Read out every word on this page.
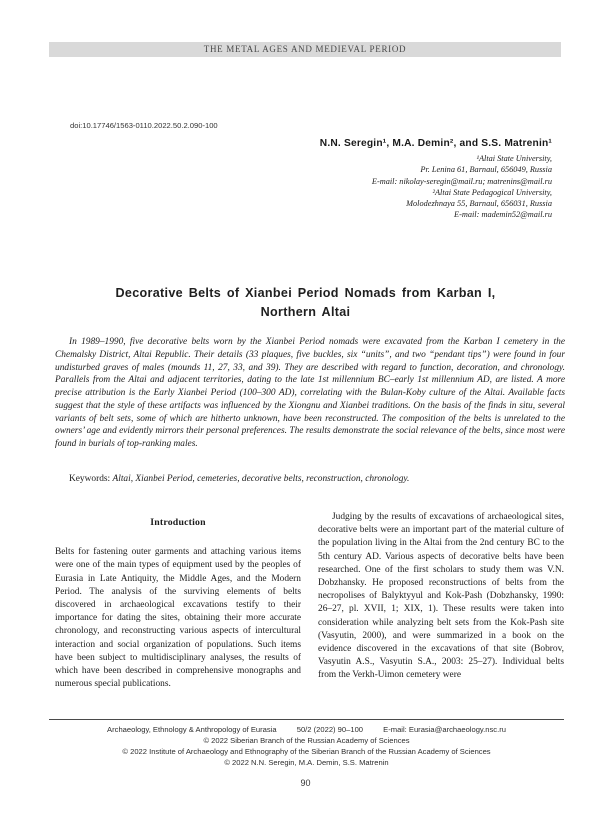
THE METAL AGES AND MEDIEVAL PERIOD
doi:10.17746/1563-0110.2022.50.2.090-100
N.N. Seregin¹, M.A. Demin², and S.S. Matrenin¹
¹Altai State University,
Pr. Lenina 61, Barnaul, 656049, Russia
E-mail: nikolay-seregin@mail.ru; matrenins@mail.ru
²Altai State Pedagogical University,
Molodezhnaya 55, Barnaul, 656031, Russia
E-mail: mademin52@mail.ru
Decorative Belts of Xianbei Period Nomads from Karban I,
Northern Altai

In 1989–1990, five decorative belts worn by the Xianbei Period nomads were excavated from the Karban I cemetery in the Chemalsky District, Altai Republic. Their details (33 plaques, five buckles, six “units”, and two “pendant tips”) were found in four undisturbed graves of males (mounds 11, 27, 33, and 39). They are described with regard to function, decoration, and chronology. Parallels from the Altai and adjacent territories, dating to the late 1st millennium BC–early 1st millennium AD, are listed. A more precise attribution is the Early Xianbei Period (100–300 AD), correlating with the Bulan-Koby culture of the Altai. Available facts suggest that the style of these artifacts was influenced by the Xiongnu and Xianbei traditions. On the basis of the finds in situ, several variants of belt sets, some of which are hitherto unknown, have been reconstructed. The composition of the belts is unrelated to the owners’ age and evidently mirrors their personal preferences. The results demonstrate the social relevance of the belts, since most were found in burials of top-ranking males.

Keywords: Altai, Xianbei Period, cemeteries, decorative belts, reconstruction, chronology.

Introduction

Belts for fastening outer garments and attaching various items were one of the main types of equipment used by the peoples of Eurasia in Late Antiquity, the Middle Ages, and the Modern Period. The analysis of the surviving elements of belts discovered in archaeological excavations testify to their importance for dating the sites, obtaining their more accurate chronology, and reconstructing various aspects of intercultural interaction and social organization of populations. Such items have been subject to multidisciplinary analyses, the results of which have been described in comprehensive monographs and numerous special publications.

Judging by the results of excavations of archaeological sites, decorative belts were an important part of the material culture of the population living in the Altai from the 2nd century BC to the 5th century AD. Various aspects of decorative belts have been researched. One of the first scholars to study them was V.N. Dobzhansky. He proposed reconstructions of belts from the necropolises of Balyktyyul and Kok-Pash (Dobzhansky, 1990: 26–27, pl. XVII, 1; XIX, 1). These results were taken into consideration while analyzing belt sets from the Kok-Pash site (Vasyutin, 2000), and were summarized in a book on the evidence discovered in the excavations of that site (Bobrov, Vasyutin A.S., Vasyutin S.A., 2003: 25–27). Individual belts from the Verkh-Uimon cemetery were

Archaeology, Ethnology & Anthropology of Eurasia	50/2 (2022) 90–100	E-mail: Eurasia@archaeology.nsc.ru
© 2022 Siberian Branch of the Russian Academy of Sciences
© 2022 Institute of Archaeology and Ethnography of the Siberian Branch of the Russian Academy of Sciences
© 2022 N.N. Seregin, M.A. Demin, S.S. Matrenin
90
